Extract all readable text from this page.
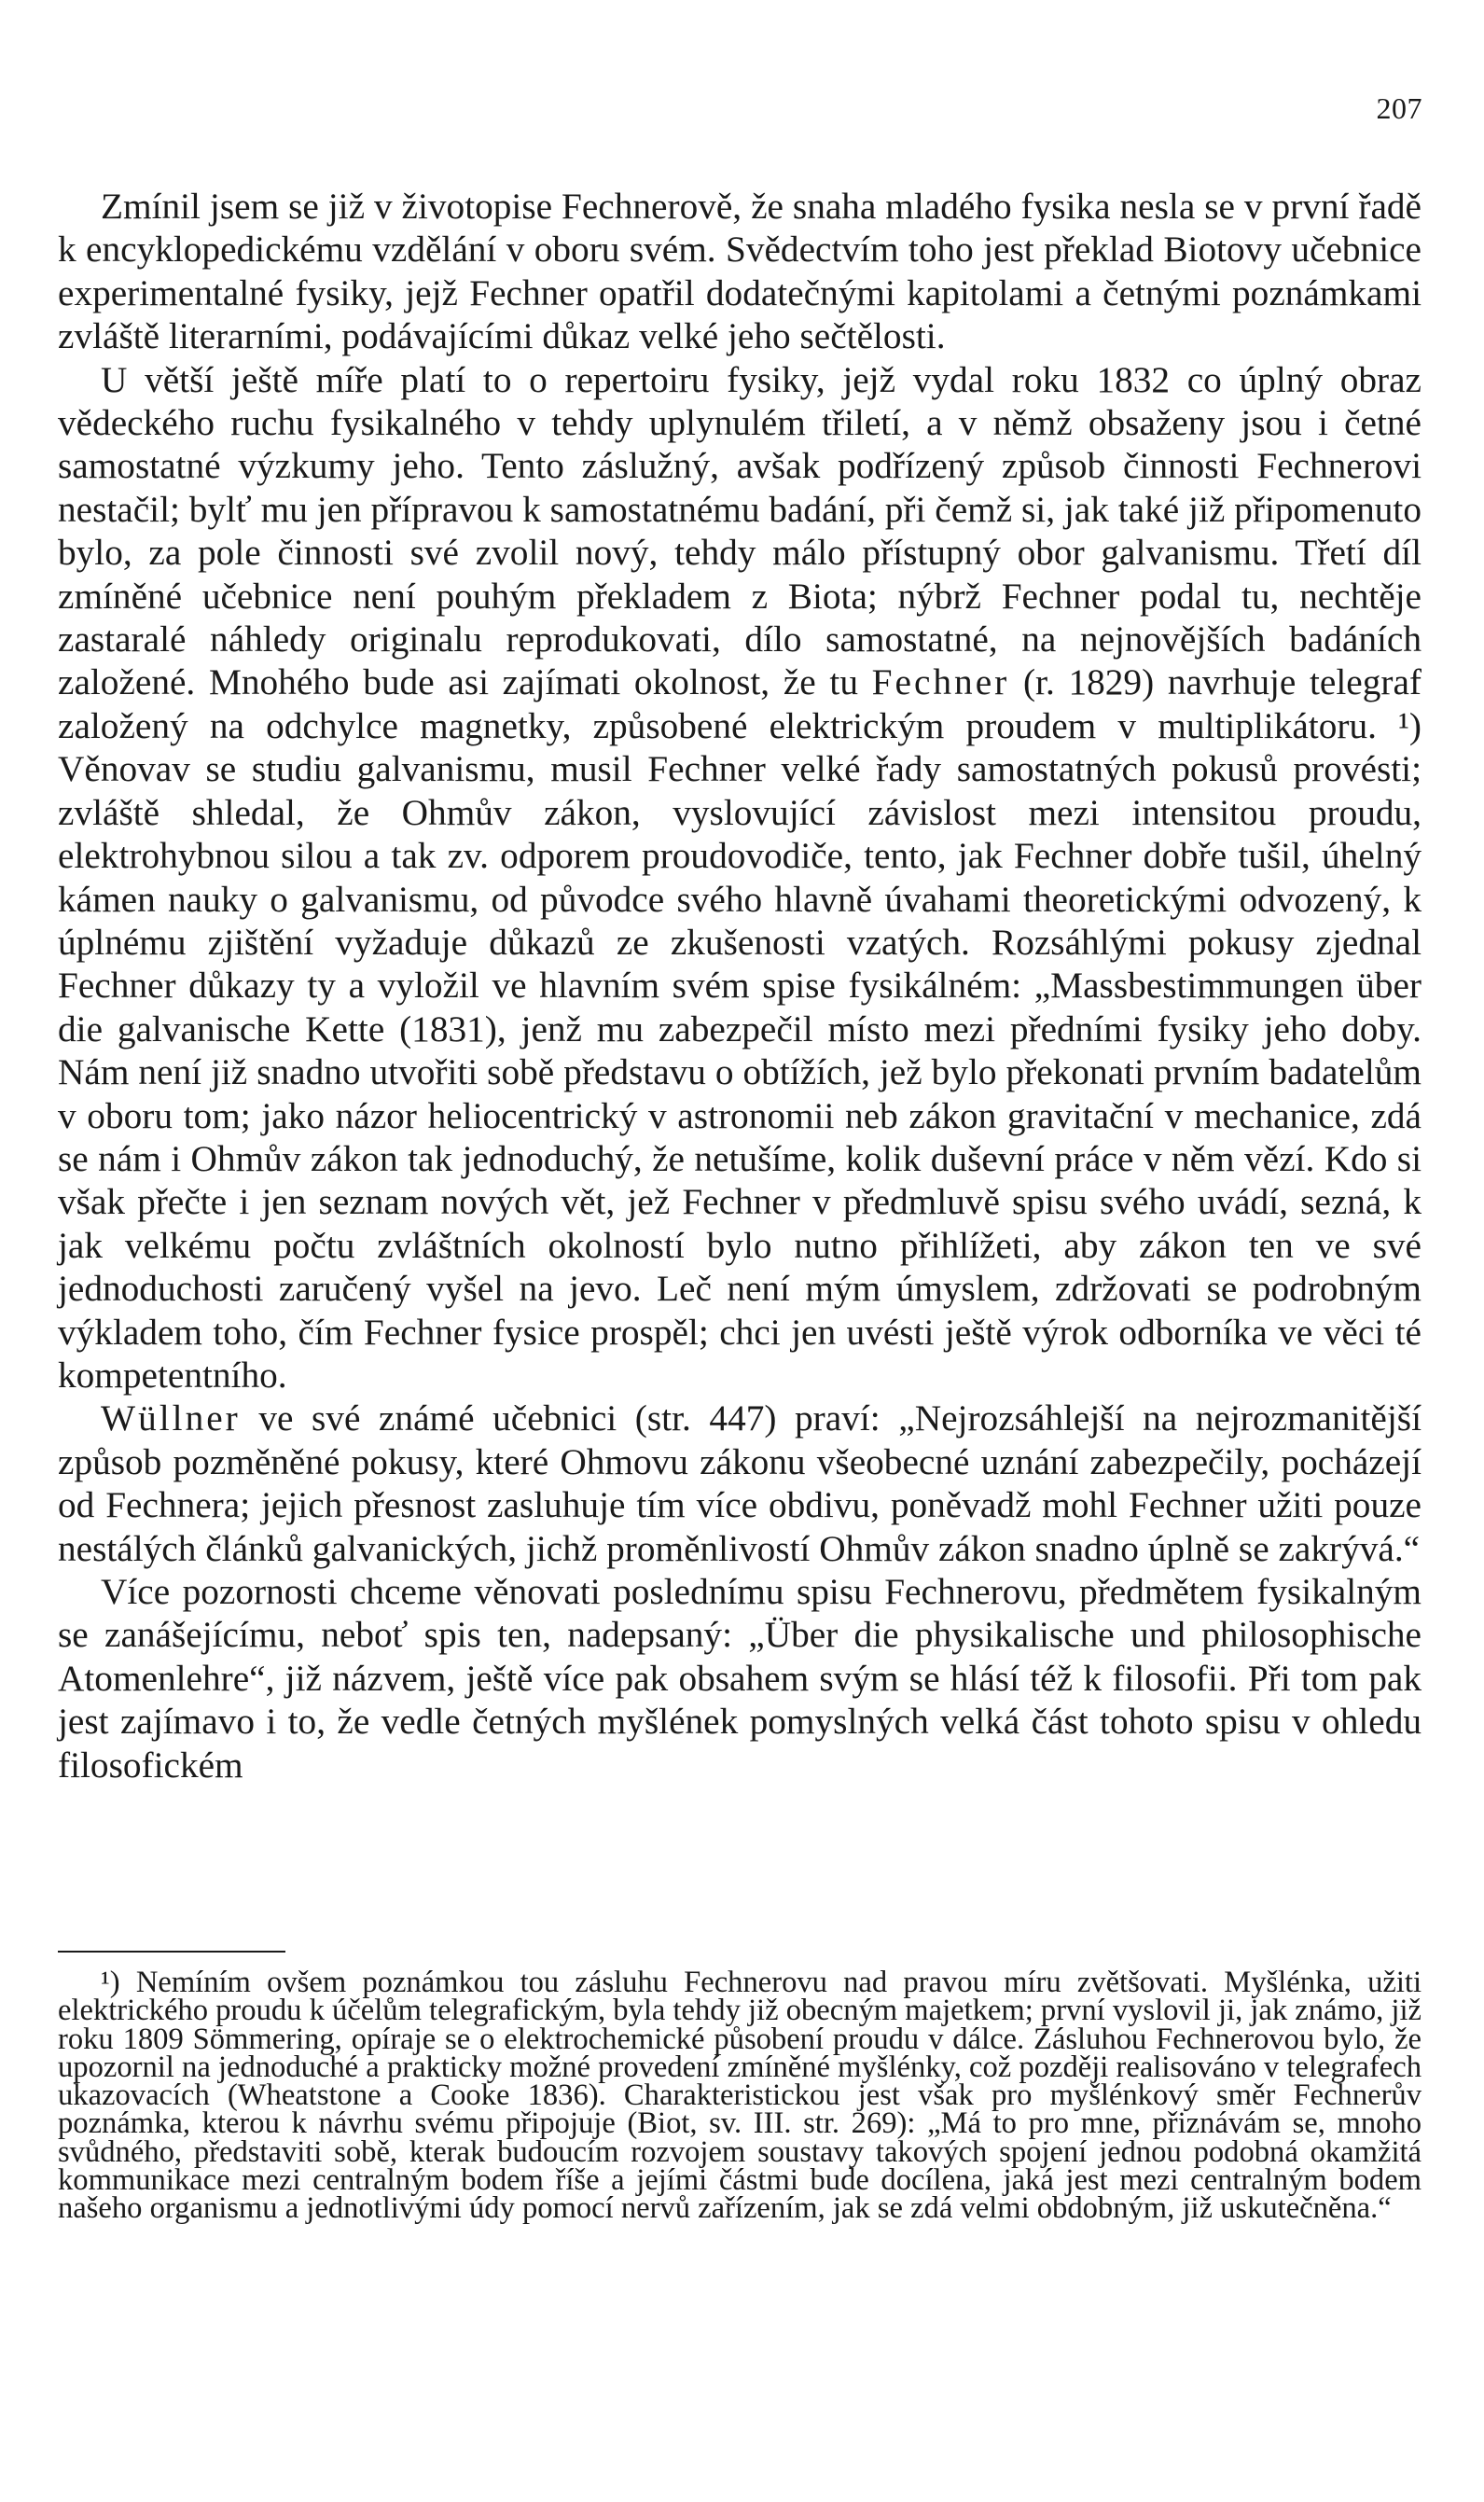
207

Zmínil jsem se již v životopise Fechnerově, že snaha mladého fysika nesla se v první řadě k encyklopedickému vzdělání v oboru svém. Svědectvím toho jest překlad Biotovy učebnice experimentalné fysiky, jejž Fechner opatřil dodatečnými kapitolami a četnými poznámkami zvláště literarními, podávajícími důkaz velké jeho sečtělosti.

U větší ještě míře platí to o repertoiru fysiky, jejž vydal roku 1832 co úplný obraz vědeckého ruchu fysikalného v tehdy uplynulém třiletí, a v němž obsaženy jsou i četné samostatné výzkumy jeho. Tento záslužný, avšak podřízený způsob činnosti Fechnerovi nestačil; bylť mu jen přípravou k samostatnému badání, při čemž si, jak také již připomenuto bylo, za pole činnosti své zvolil nový, tehdy málo přístupný obor galvanismu. Třetí díl zmíněné učebnice není pouhým překladem z Biota; nýbrž Fechner podal tu, nechtěje zastaralé náhledy originalu reprodukovati, dílo samostatné, na nejnovějších badáních založené. Mnohého bude asi zajímati okolnost, že tu Fechner (r. 1829) navrhuje telegraf založený na odchylce magnetky, způsobené elektrickým proudem v multiplikátoru. ¹) Věnovav se studiu galvanismu, musil Fechner velké řady samostatných pokusů provésti; zvláště shledal, že Ohmův zákon, vyslovující závislost mezi intensitou proudu, elektrohybnou silou a tak zv. odporem proudovodiče, tento, jak Fechner dobře tušil, úhelný kámen nauky o galvanismu, od původce svého hlavně úvahami theoretickými odvozený, k úplnému zjištění vyžaduje důkazů ze zkušenosti vzatých. Rozsáhlými pokusy zjednal Fechner důkazy ty a vyložil ve hlavním svém spise fysikálném: „Massbestimmungen über die galvanische Kette (1831), jenž mu zabezpečil místo mezi předními fysiky jeho doby. Nám není již snadno utvořiti sobě představu o obtížích, jež bylo překonati prvním badatelům v oboru tom; jako názor heliocentrický v astronomii neb zákon gravitační v mechanice, zdá se nám i Ohmův zákon tak jednoduchý, že netušíme, kolik duševní práce v něm vězí. Kdo si však přečte i jen seznam nových vět, jež Fechner v předmluvě spisu svého uvádí, sezná, k jak velkému počtu zvláštních okolností bylo nutno přihlížeti, aby zákon ten ve své jednoduchosti zaručený vyšel na jevo. Leč není mým úmyslem, zdržovati se podrobným výkladem toho, čím Fechner fysice prospěl; chci jen uvésti ještě výrok odborníka ve věci té kompetentního.

Wüllner ve své známé učebnici (str. 447) praví: „Nejrozsáhlejší na nejrozmanitější způsob pozměněné pokusy, které Ohmovu zákonu všeobecné uznání zabezpečily, pocházejí od Fechnera; jejich přesnost zasluhuje tím více obdivu, poněvadž mohl Fechner užiti pouze nestálých článků galvanických, jichž proměnlivostí Ohmův zákon snadno úplně se zakrývá.“

Více pozornosti chceme věnovati poslednímu spisu Fechnerovu, předmětem fysikalným se zanášejícímu, neboť spis ten, nadepsaný: „Über die physikalische und philosophische Atomenlehre“, již názvem, ještě více pak obsahem svým se hlásí též k filosofii. Při tom pak jest zajímavo i to, že vedle četných myšlének pomyslných velká část tohoto spisu v ohledu filosofickém

¹) Nemíním ovšem poznámkou tou zásluhu Fechnerovu nad pravou míru zvětšovati. Myšlénka, užiti elektrického proudu k účelům telegrafickým, byla tehdy již obecným majetkem; první vyslovil ji, jak známo, již roku 1809 Sömmering, opíraje se o elektrochemické působení proudu v dálce. Zásluhou Fechnerovou bylo, že upozornil na jednoduché a prakticky možné provedení zmíněné myšlénky, což později realisováno v telegrafech ukazovacích (Wheatstone a Cooke 1836). Charakteristickou jest však pro myšlénkový směr Fechnerův poznámka, kterou k návrhu svému připojuje (Biot, sv. III. str. 269): „Má to pro mne, přiznávám se, mnoho svůdného, představiti sobě, kterak budoucím rozvojem soustavy takových spojení jednou podobná okamžitá kommunikace mezi centralným bodem říše a jejími částmi bude docílena, jaká jest mezi centralným bodem našeho organismu a jednotlivými údy pomocí nervů zařízením, jak se zdá velmi obdobným, již uskutečněna.“
